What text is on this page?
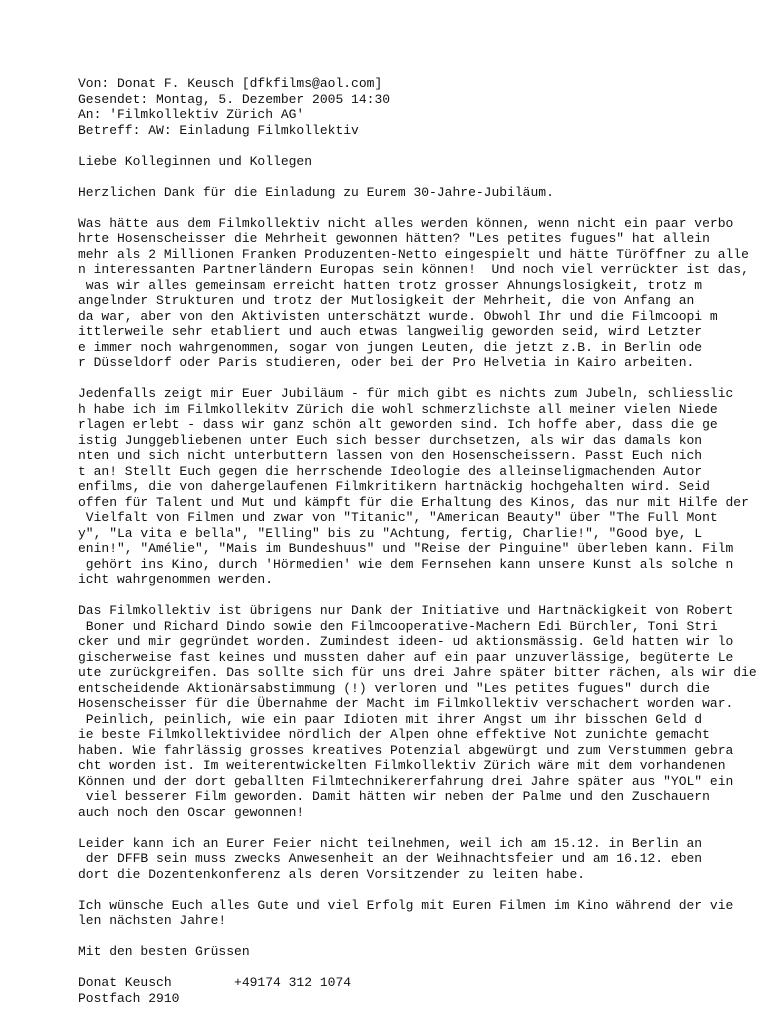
Von: Donat F. Keusch [dfkfilms@aol.com]
Gesendet: Montag, 5. Dezember 2005 14:30
An: 'Filmkollektiv Zürich AG'
Betreff: AW: Einladung Filmkollektiv
Liebe Kolleginnen und Kollegen
Herzlichen Dank für die Einladung zu Eurem 30-Jahre-Jubiläum.
Was hätte aus dem Filmkollektiv nicht alles werden können, wenn nicht ein paar verbo
hrte Hosenscheisser die Mehrheit gewonnen hätten? "Les petites fugues" hat allein
mehr als 2 Millionen Franken Produzenten-Netto eingespielt und hätte Türöffner zu alle
n interessanten Partnerländern Europas sein können!  Und noch viel verrückter ist das,
was wir alles gemeinsam erreicht hatten trotz grosser Ahnungslosigkeit, trotz m
angelnder Strukturen und trotz der Mutlosigkeit der Mehrheit, die von Anfang an
da war, aber von den Aktivisten unterschätzt wurde. Obwohl Ihr und die Filmcoopi m
ittlerweile sehr etabliert und auch etwas langweilig geworden seid, wird Letzter
e immer noch wahrgenommen, sogar von jungen Leuten, die jetzt z.B. in Berlin ode
r Düsseldorf oder Paris studieren, oder bei der Pro Helvetia in Kairo arbeiten.
Jedenfalls zeigt mir Euer Jubiläum - für mich gibt es nichts zum Jubeln, schliesslic
h habe ich im Filmkollekitv Zürich die wohl schmerzlichste all meiner vielen Niede
rlagen erlebt - dass wir ganz schön alt geworden sind. Ich hoffe aber, dass die ge
istig Junggebliebenen unter Euch sich besser durchsetzen, als wir das damals kon
nten und sich nicht unterbuttern lassen von den Hosenscheissern. Passt Euch nich
t an! Stellt Euch gegen die herrschende Ideologie des alleinseligmachenden Autor
enfilms, die von dahergelaufenen Filmkritikern hartnäckig hochgehalten wird. Seid
offen für Talent und Mut und kämpft für die Erhaltung des Kinos, das nur mit Hilfe der
Vielfalt von Filmen und zwar von "Titanic", "American Beauty" über "The Full Mont
y", "La vita e bella", "Elling" bis zu "Achtung, fertig, Charlie!", "Good bye, L
enin!", "Amélie", "Mais im Bundeshuus" und "Reise der Pinguine" überleben kann. Film
gehört ins Kino, durch 'Hörmedien' wie dem Fernsehen kann unsere Kunst als solche n
icht wahrgenommen werden.
Das Filmkollektiv ist übrigens nur Dank der Initiative und Hartnäckigkeit von Robert
Boner und Richard Dindo sowie den Filmcooperative-Machern Edi Bürchler, Toni Stri
cker und mir gegründet worden. Zumindest ideen- ud aktionsmässig. Geld hatten wir lo
gischerweise fast keines und mussten daher auf ein paar unzuverlässige, begüterte Le
ute zurückgreifen. Das sollte sich für uns drei Jahre später bitter rächen, als wir die
entscheidende Aktionärsabstimmung (!) verloren und "Les petites fugues" durch die
Hosenscheisser für die Übernahme der Macht im Filmkollektiv verschachert worden war.
Peinlich, peinlich, wie ein paar Idioten mit ihrer Angst um ihr bisschen Geld d
ie beste Filmkollektividee nördlich der Alpen ohne effektive Not zunichte gemacht
haben. Wie fahrlässig grosses kreatives Potenzial abgewürgt und zum Verstummen gebra
cht worden ist. Im weiterentwickelten Filmkollektiv Zürich wäre mit dem vorhandenen
Können und der dort geballten Filmtechnikererfahrung drei Jahre später aus "YOL" ein
viel besserer Film geworden. Damit hätten wir neben der Palme und den Zuschauern
auch noch den Oscar gewonnen!
Leider kann ich an Eurer Feier nicht teilnehmen, weil ich am 15.12. in Berlin an
der DFFB sein muss zwecks Anwesenheit an der Weihnachtsfeier und am 16.12. eben
dort die Dozentenkonferenz als deren Vorsitzender zu leiten habe.
Ich wünsche Euch alles Gute und viel Erfolg mit Euren Filmen im Kino während der vie
len nächsten Jahre!
Mit den besten Grüssen
Donat Keusch        +49174 312 1074
Postfach 2910
